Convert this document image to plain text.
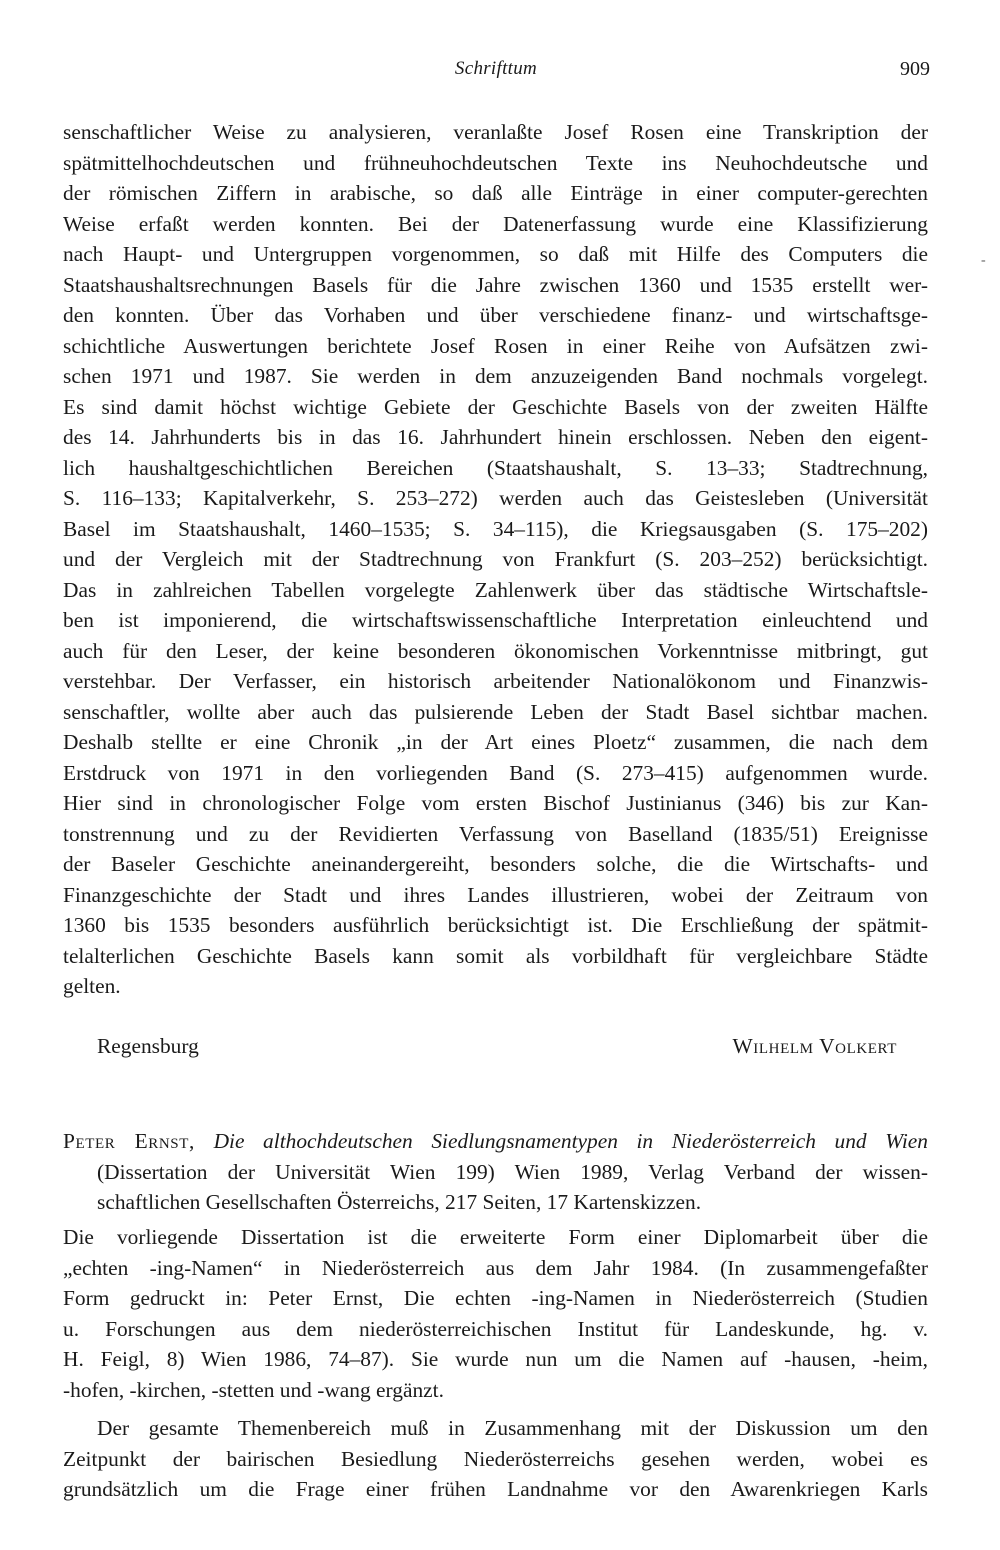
Schrifttum	909
-
senschaftlicher Weise zu analysieren, veranlaßte Josef Rosen eine Transkription der
spätmittelhochdeutschen und frühneuhochdeutschen Texte ins Neuhochdeutsche und
der römischen Ziffern in arabische, so daß alle Einträge in einer computer-gerechten
Weise erfaßt werden konnten. Bei der Datenerfassung wurde eine Klassifizierung
nach Haupt- und Untergruppen vorgenommen, so daß mit Hilfe des Computers die
Staatshaushaltsrechnungen Basels für die Jahre zwischen 1360 und 1535 erstellt wer-
den konnten. Über das Vorhaben und über verschiedene finanz- und wirtschaftsge-
schichtliche Auswertungen berichtete Josef Rosen in einer Reihe von Aufsätzen zwi-
schen 1971 und 1987. Sie werden in dem anzuzeigenden Band nochmals vorgelegt.
Es sind damit höchst wichtige Gebiete der Geschichte Basels von der zweiten Hälfte
des 14. Jahrhunderts bis in das 16. Jahrhundert hinein erschlossen. Neben den eigent-
lich haushaltgeschichtlichen Bereichen (Staatshaushalt, S. 13–33; Stadtrechnung,
S. 116–133; Kapitalverkehr, S. 253–272) werden auch das Geistesleben (Universität
Basel im Staatshaushalt, 1460–1535; S. 34–115), die Kriegsausgaben (S. 175–202)
und der Vergleich mit der Stadtrechnung von Frankfurt (S. 203–252) berücksichtigt.
Das in zahlreichen Tabellen vorgelegte Zahlenwerk über das städtische Wirtschaftsle-
ben ist imponierend, die wirtschaftswissenschaftliche Interpretation einleuchtend und
auch für den Leser, der keine besonderen ökonomischen Vorkenntnisse mitbringt, gut
verstehbar. Der Verfasser, ein historisch arbeitender Nationalökonom und Finanzwis-
senschaftler, wollte aber auch das pulsierende Leben der Stadt Basel sichtbar machen.
Deshalb stellte er eine Chronik „in der Art eines Ploetz“ zusammen, die nach dem
Erstdruck von 1971 in den vorliegenden Band (S. 273–415) aufgenommen wurde.
Hier sind in chronologischer Folge vom ersten Bischof Justinianus (346) bis zur Kan-
tonstrennung und zu der Revidierten Verfassung von Baselland (1835/51) Ereignisse
der Baseler Geschichte aneinandergereiht, besonders solche, die die Wirtschafts- und
Finanzgeschichte der Stadt und ihres Landes illustrieren, wobei der Zeitraum von
1360 bis 1535 besonders ausführlich berücksichtigt ist. Die Erschließung der spätmit-
telalterlichen Geschichte Basels kann somit als vorbildhaft für vergleichbare Städte
gelten.
Regensburg	Wilhelm Volkert
Peter Ernst, Die althochdeutschen Siedlungsnamentypen in Niederösterreich und Wien
(Dissertation der Universität Wien 199) Wien 1989, Verlag Verband der wissen-
schaftlichen Gesellschaften Österreichs, 217 Seiten, 17 Kartenskizzen.
Die vorliegende Dissertation ist die erweiterte Form einer Diplomarbeit über die
„echten -ing-Namen“ in Niederösterreich aus dem Jahr 1984. (In zusammengefaßter
Form gedruckt in: Peter Ernst, Die echten -ing-Namen in Niederösterreich (Studien
u. Forschungen aus dem niederösterreichischen Institut für Landeskunde, hg. v.
H. Feigl, 8) Wien 1986, 74–87). Sie wurde nun um die Namen auf -hausen, -heim,
-hofen, -kirchen, -stetten und -wang ergänzt.
Der gesamte Themenbereich muß in Zusammenhang mit der Diskussion um den
Zeitpunkt der bairischen Besiedlung Niederösterreichs gesehen werden, wobei es
grundsätzlich um die Frage einer frühen Landnahme vor den Awarenkriegen Karls
